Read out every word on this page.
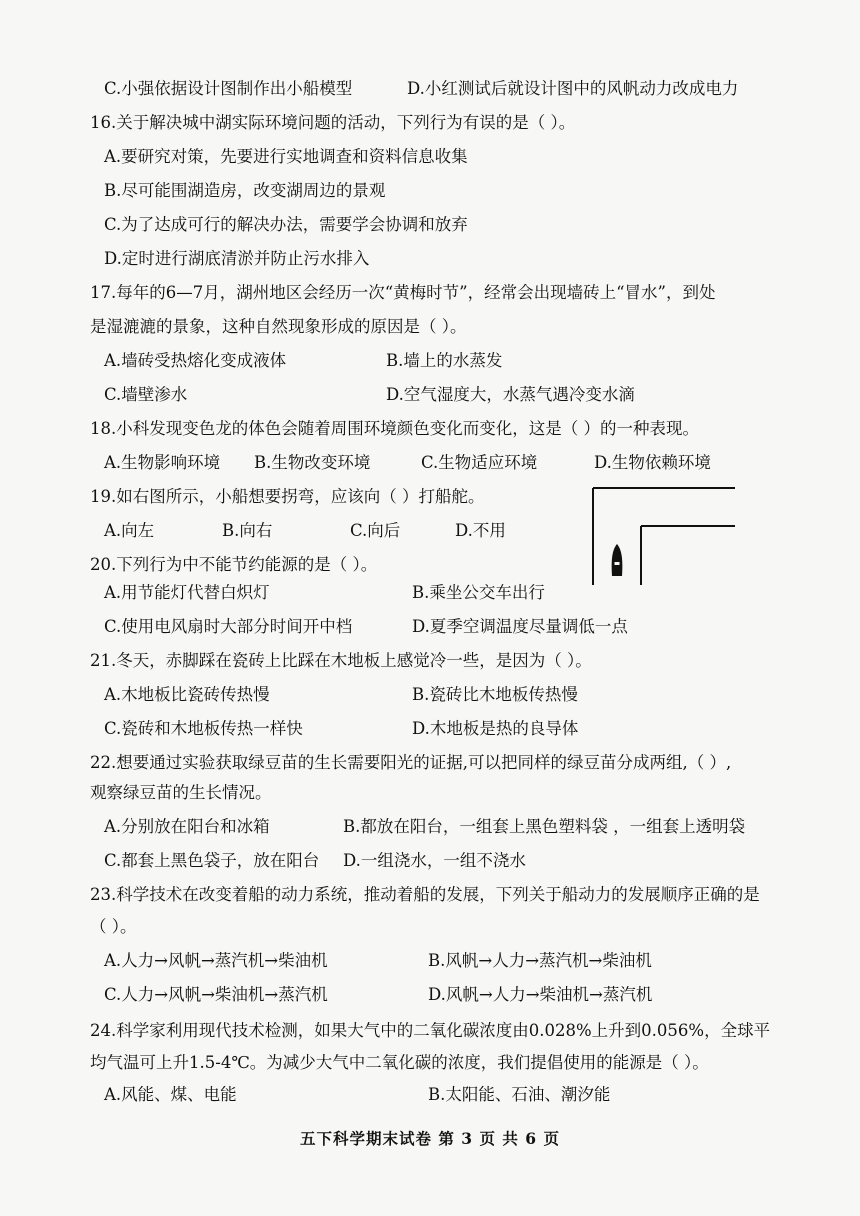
C.小强依据设计图制作出小船模型	D.小红测试后就设计图中的风帆动力改成电力
16.关于解决城中湖实际环境问题的活动，下列行为有误的是（ ）。
A.要研究对策，先要进行实地调查和资料信息收集
B.尽可能围湖造房，改变湖周边的景观
C.为了达成可行的解决办法，需要学会协调和放弃
D.定时进行湖底清淤并防止污水排入
17.每年的6—7月，湖州地区会经历一次“黄梅时节”，经常会出现墙砖上“冒水”，到处
是湿漉漉的景象，这种自然现象形成的原因是（ ）。
A.墙砖受热熔化变成液体	B.墙上的水蒸发
C.墙壁渗水	D.空气湿度大，水蒸气遇冷变水滴
18.小科发现变色龙的体色会随着周围环境颜色变化而变化，这是（ ）的一种表现。
A.生物影响环境 B.生物改变环境	C.生物适应环境	D.生物依赖环境
19.如右图所示，小船想要拐弯，应该向（ ）打船舵。
A.向左	B.向右	C.向后	D.不用
20.下列行为中不能节约能源的是（ ）。
A.用节能灯代替白炽灯	B.乘坐公交车出行
C.使用电风扇时大部分时间开中档	D.夏季空调温度尽量调低一点
21.冬天，赤脚踩在瓷砖上比踩在木地板上感觉冷一些，是因为（ ）。
A.木地板比瓷砖传热慢	B.瓷砖比木地板传热慢
C.瓷砖和木地板传热一样快	D.木地板是热的良导体
22.想要通过实验获取绿豆苗的生长需要阳光的证据,可以把同样的绿豆苗分成两组,（ ）,
观察绿豆苗的生长情况。
A.分别放在阳台和冰箱	B.都放在阳台，一组套上黑色塑料袋 ，一组套上透明袋
C.都套上黑色袋子，放在阳台 D.一组浇水，一组不浇水
23.科学技术在改变着船的动力系统，推动着船的发展，下列关于船动力的发展顺序正确的是
（ ）。
A.人力→风帆→蒸汽机→柴油机	B.风帆→人力→蒸汽机→柴油机
C.人力→风帆→柴油机→蒸汽机	D.风帆→人力→柴油机→蒸汽机
24.科学家利用现代技术检测，如果大气中的二氧化碳浓度由0.028%上升到0.056%，全球平
均气温可上升1.5-4℃。为减少大气中二氧化碳的浓度，我们提倡使用的能源是（ ）。
A.风能、煤、电能	B.太阳能、石油、潮汐能
五下科学期末试卷 第 3 页 共 6 页
